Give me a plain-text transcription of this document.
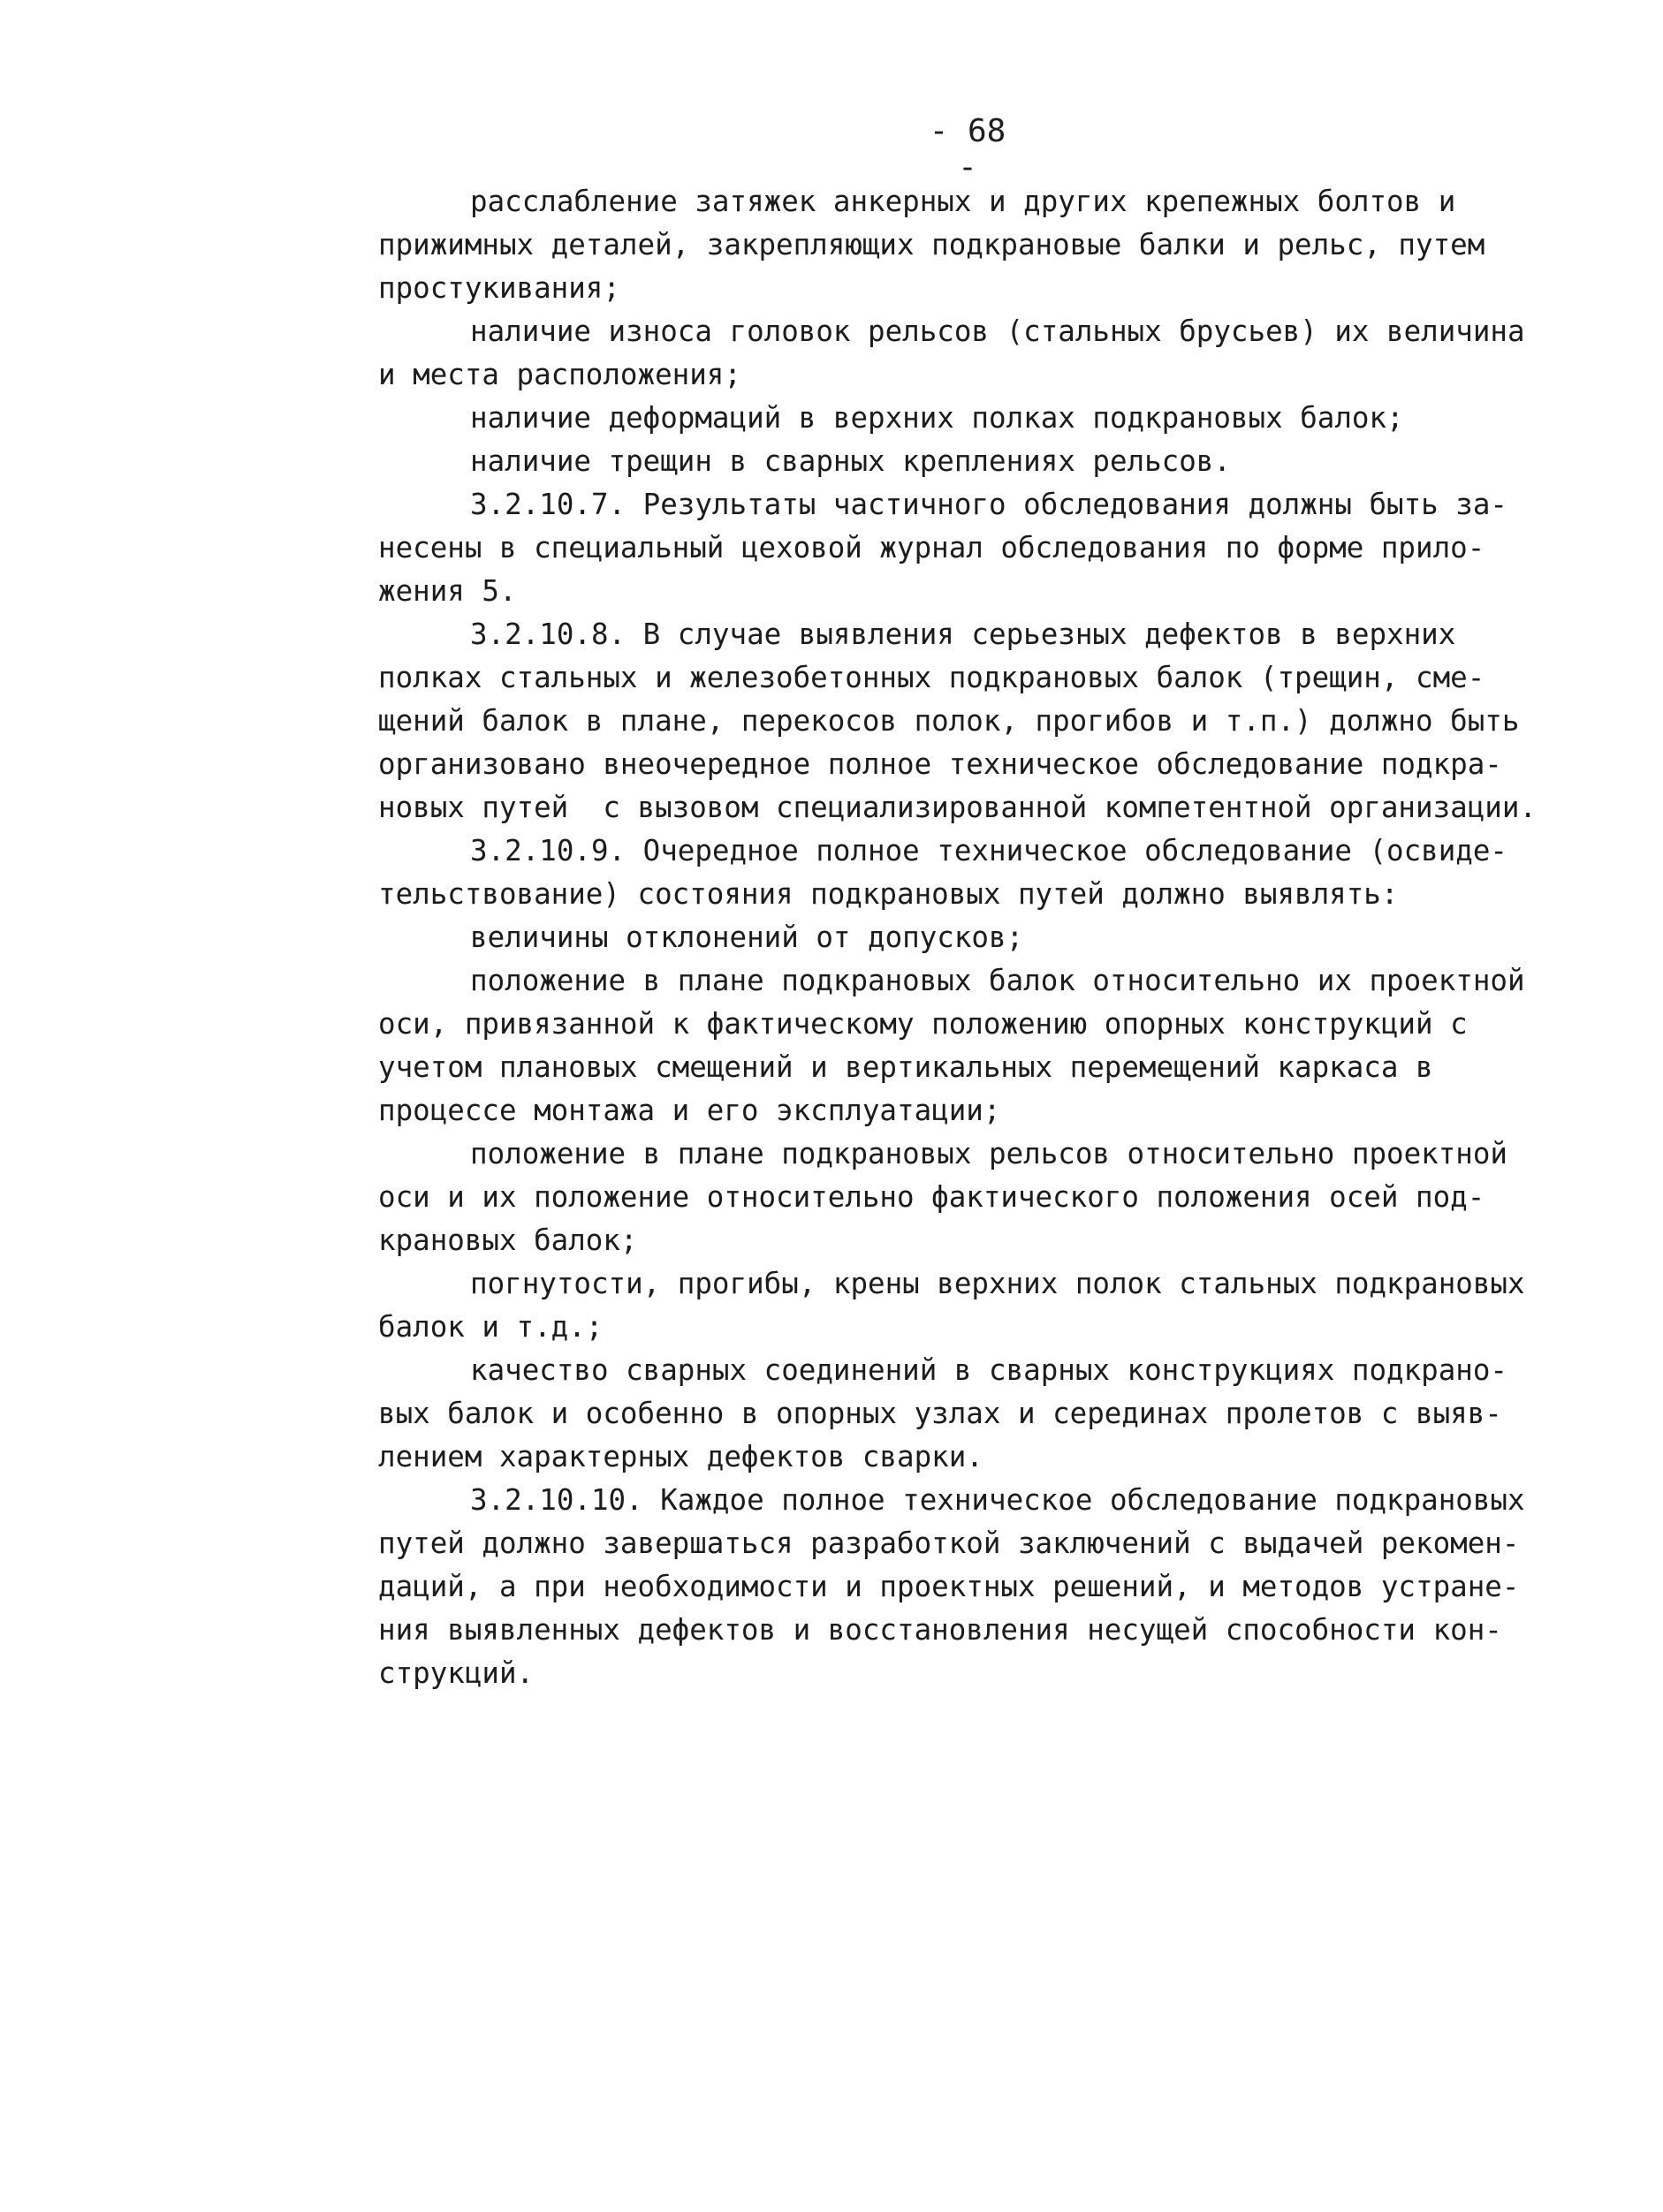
- 68 -
расслабление затяжек анкерных и других крепежных болтов и
прижимных деталей, закрепляющих подкрановые балки и рельс, путем
простукивания;
наличие износа головок рельсов (стальных брусьев) их величина
и места расположения;
наличие деформаций в верхних полках подкрановых балок;
наличие трещин в сварных креплениях рельсов.
3.2.10.7. Результаты частичного обследования должны быть за-
несены в специальный цеховой журнал обследования по форме прило-
жения 5.
3.2.10.8. В случае выявления серьезных дефектов в верхних
полках стальных и железобетонных подкрановых балок (трещин, сме-
щений балок в плане, перекосов полок, прогибов и т.п.) должно быть
организовано внеочередное полное техническое обследование подкра-
новых путей  с вызовом специализированной компетентной организации.
3.2.10.9. Очередное полное техническое обследование (освиде-
тельствование) состояния подкрановых путей должно выявлять:
величины отклонений от допусков;
положение в плане подкрановых балок относительно их проектной
оси, привязанной к фактическому положению опорных конструкций с
учетом плановых смещений и вертикальных перемещений каркаса в
процессе монтажа и его эксплуатации;
положение в плане подкрановых рельсов относительно проектной
оси и их положение относительно фактического положения осей под-
крановых балок;
погнутости, прогибы, крены верхних полок стальных подкрановых
балок и т.д.;
качество сварных соединений в сварных конструкциях подкрано-
вых балок и особенно в опорных узлах и серединах пролетов с выяв-
лением характерных дефектов сварки.
3.2.10.10. Каждое полное техническое обследование подкрановых
путей должно завершаться разработкой заключений с выдачей рекомен-
даций, а при необходимости и проектных решений, и методов устране-
ния выявленных дефектов и восстановления несущей способности кон-
струкций.
